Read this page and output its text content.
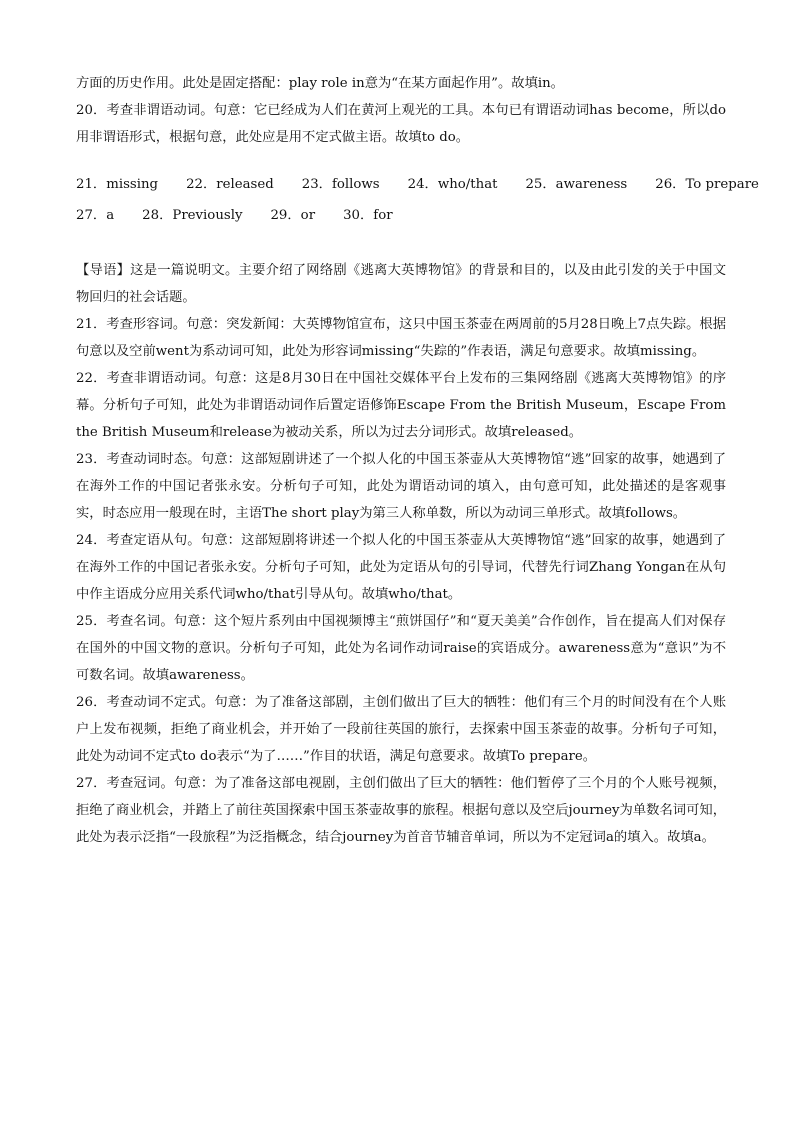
方面的历史作用。此处是固定搭配：play role in意为“在某方面起作用”。故填in。

20．考查非谓语动词。句意：它已经成为人们在黄河上观光的工具。本句已有谓语动词has become，所以do用非谓语形式，根据句意，此处应是用不定式做主语。故填to do。

21．missing 22．released 23．follows 24．who/that 25．awareness 26．To prepare
27．a 28．Previously 29．or 30．for

【导语】这是一篇说明文。主要介绍了网络剧《逃离大英博物馆》的背景和目的，以及由此引发的关于中国文物回归的社会话题。

21．考查形容词。句意：突发新闻：大英博物馆宣布，这只中国玉茶壶在两周前的5月28日晚上7点失踪。根据句意以及空前went为系动词可知，此处为形容词missing“失踪的”作表语，满足句意要求。故填missing。

22．考查非谓语动词。句意：这是8月30日在中国社交媒体平台上发布的三集网络剧《逃离大英博物馆》的序幕。分析句子可知，此处为非谓语动词作后置定语修饰Escape From the British Museum，Escape From the British Museum和release为被动关系，所以为过去分词形式。故填released。

23．考查动词时态。句意：这部短剧讲述了一个拟人化的中国玉茶壶从大英博物馆“逃”回家的故事，她遇到了在海外工作的中国记者张永安。分析句子可知，此处为谓语动词的填入，由句意可知，此处描述的是客观事实，时态应用一般现在时，主语The short play为第三人称单数，所以为动词三单形式。故填follows。

24．考查定语从句。句意：这部短剧将讲述一个拟人化的中国玉茶壶从大英博物馆“逃”回家的故事，她遇到了在海外工作的中国记者张永安。分析句子可知，此处为定语从句的引导词，代替先行词Zhang Yongan在从句中作主语成分应用关系代词who/that引导从句。故填who/that。

25．考查名词。句意：这个短片系列由中国视频博主“煎饼国仔”和“夏天美美”合作创作，旨在提高人们对保存在国外的中国文物的意识。分析句子可知，此处为名词作动词raise的宾语成分。awareness意为“意识”为不可数名词。故填awareness。

26．考查动词不定式。句意：为了准备这部剧，主创们做出了巨大的牺牲：他们有三个月的时间没有在个人账户上发布视频，拒绝了商业机会，并开始了一段前往英国的旅行，去探索中国玉茶壶的故事。分析句子可知，此处为动词不定式to do表示“为了……”作目的状语，满足句意要求。故填To prepare。

27．考查冠词。句意：为了准备这部电视剧，主创们做出了巨大的牺牲：他们暂停了三个月的个人账号视频，拒绝了商业机会，并踏上了前往英国探索中国玉茶壶故事的旅程。根据句意以及空后journey为单数名词可知，此处为表示泛指“一段旅程”为泛指概念，结合journey为首音节辅音单词，所以为不定冠词a的填入。故填a。
